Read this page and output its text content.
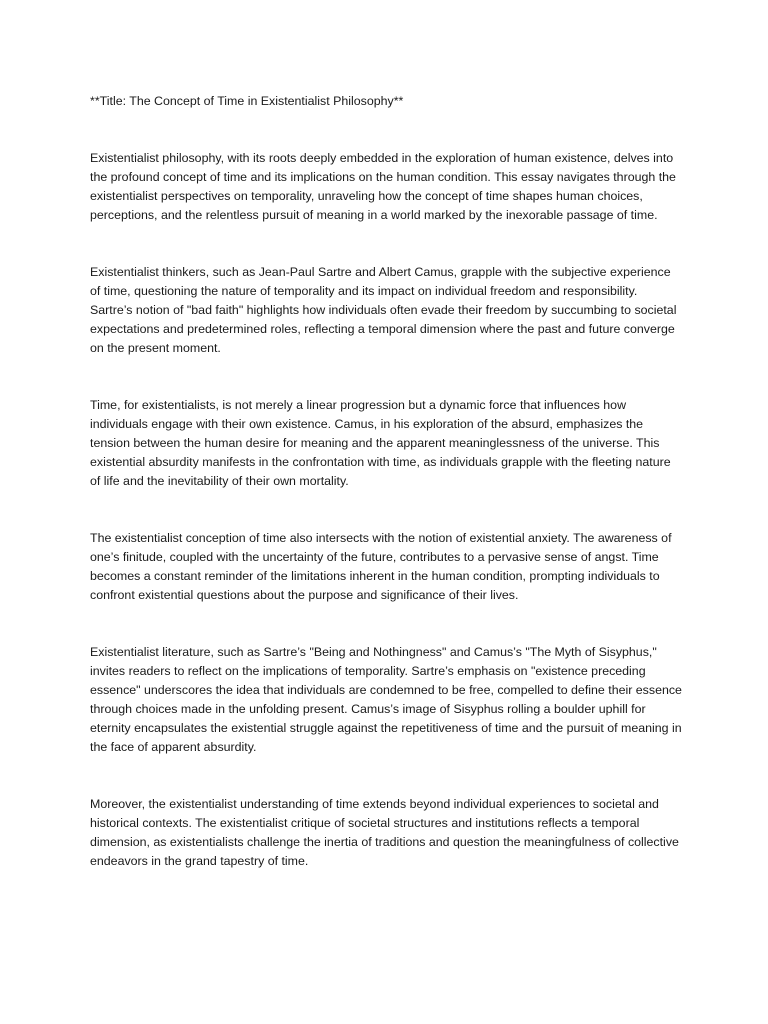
**Title: The Concept of Time in Existentialist Philosophy**

Existentialist philosophy, with its roots deeply embedded in the exploration of human existence, delves into the profound concept of time and its implications on the human condition. This essay navigates through the existentialist perspectives on temporality, unraveling how the concept of time shapes human choices, perceptions, and the relentless pursuit of meaning in a world marked by the inexorable passage of time.

Existentialist thinkers, such as Jean-Paul Sartre and Albert Camus, grapple with the subjective experience of time, questioning the nature of temporality and its impact on individual freedom and responsibility. Sartre’s notion of "bad faith" highlights how individuals often evade their freedom by succumbing to societal expectations and predetermined roles, reflecting a temporal dimension where the past and future converge on the present moment.

Time, for existentialists, is not merely a linear progression but a dynamic force that influences how individuals engage with their own existence. Camus, in his exploration of the absurd, emphasizes the tension between the human desire for meaning and the apparent meaninglessness of the universe. This existential absurdity manifests in the confrontation with time, as individuals grapple with the fleeting nature of life and the inevitability of their own mortality.

The existentialist conception of time also intersects with the notion of existential anxiety. The awareness of one’s finitude, coupled with the uncertainty of the future, contributes to a pervasive sense of angst. Time becomes a constant reminder of the limitations inherent in the human condition, prompting individuals to confront existential questions about the purpose and significance of their lives.

Existentialist literature, such as Sartre’s "Being and Nothingness" and Camus’s "The Myth of Sisyphus," invites readers to reflect on the implications of temporality. Sartre’s emphasis on "existence preceding essence" underscores the idea that individuals are condemned to be free, compelled to define their essence through choices made in the unfolding present. Camus’s image of Sisyphus rolling a boulder uphill for eternity encapsulates the existential struggle against the repetitiveness of time and the pursuit of meaning in the face of apparent absurdity.

Moreover, the existentialist understanding of time extends beyond individual experiences to societal and historical contexts. The existentialist critique of societal structures and institutions reflects a temporal dimension, as existentialists challenge the inertia of traditions and question the meaningfulness of collective endeavors in the grand tapestry of time.
